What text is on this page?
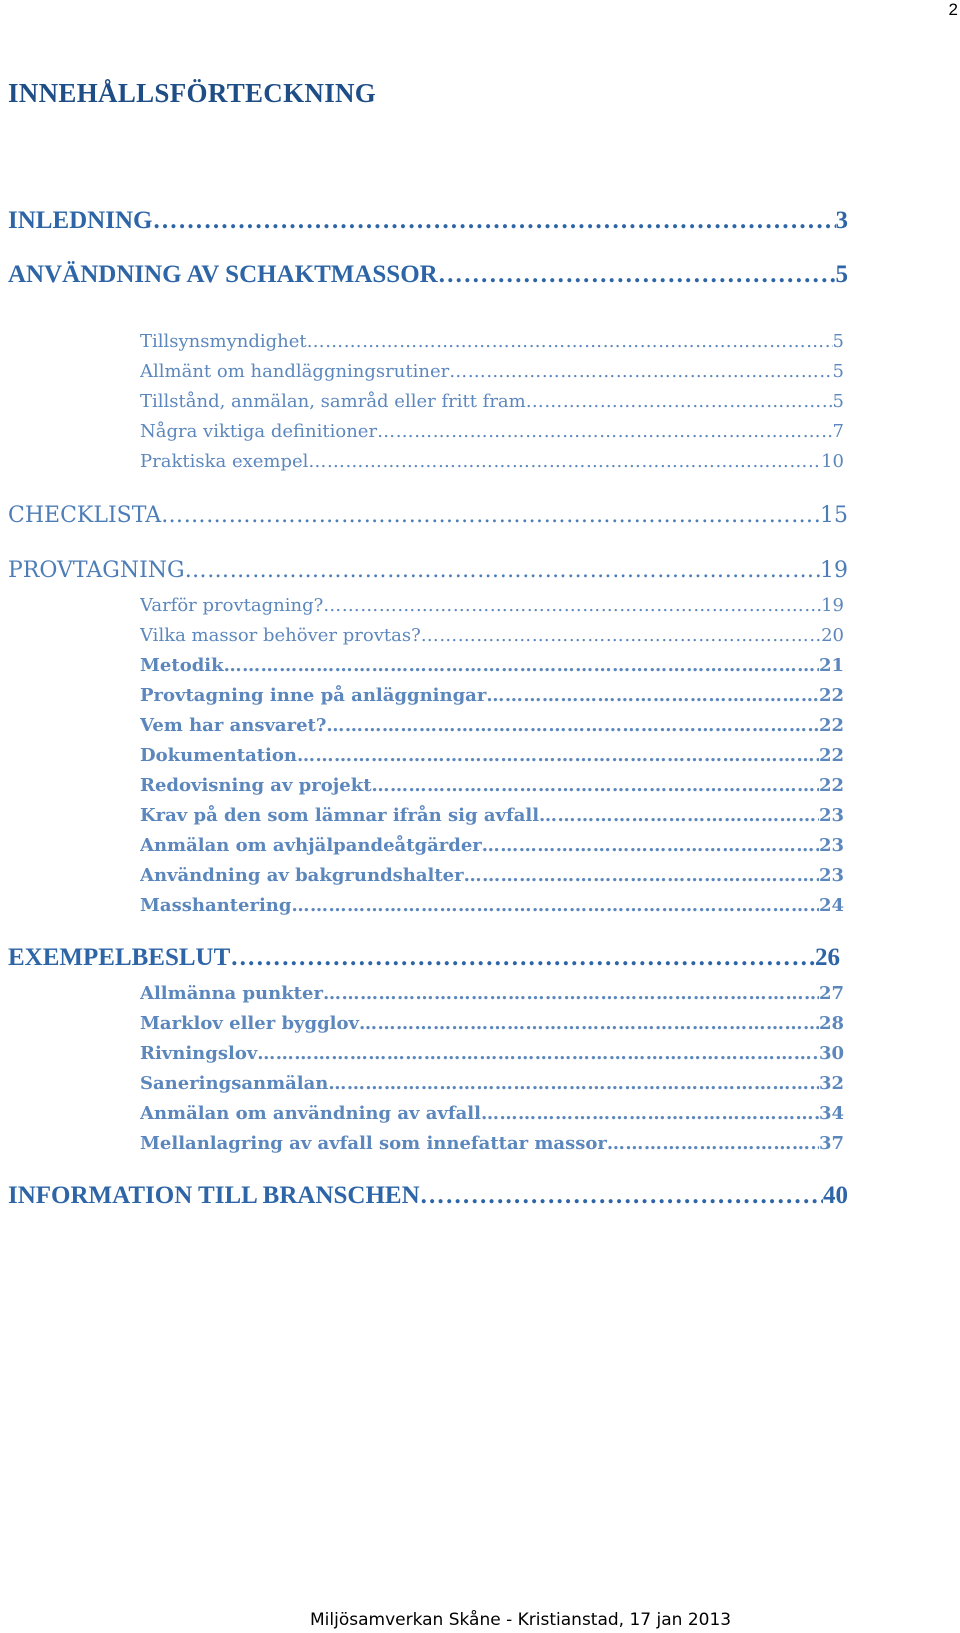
2
INNEHÅLLSFÖRTECKNING
INLEDNING ………………………………………………………………………………………………………………………………………………………………………………………	3
ANVÄNDNING AV SCHAKTMASSOR ………………………………………………………………………………………………………………………………………………………………………………………	5
Tillsynsmyndighet ………………………………………………………………………………………………………………………………………………………………………………………	5
Allmänt om handläggningsrutiner ………………………………………………………………………………………………………………………………………………………………………………………	5
Tillstånd, anmälan, samråd eller fritt fram ………………………………………………………………………………………………………………………………………………………………………………………	5
Några viktiga definitioner ………………………………………………………………………………………………………………………………………………………………………………………	7
Praktiska exempel ………………………………………………………………………………………………………………………………………………………………………………………	10
CHECKLISTA ………………………………………………………………………………………………………………………………………………………………………………………	15
PROVTAGNING ………………………………………………………………………………………………………………………………………………………………………………………	19
Varför provtagning? ………………………………………………………………………………………………………………………………………………………………………………………	19
Vilka massor behöver provtas? ………………………………………………………………………………………………………………………………………………………………………………………	20
Metodik ………………………………………………………………………………………………………………………………………………………………………………………	21
Provtagning inne på anläggningar ………………………………………………………………………………………………………………………………………………………………………………………	22
Vem har ansvaret? ………………………………………………………………………………………………………………………………………………………………………………………	22
Dokumentation ………………………………………………………………………………………………………………………………………………………………………………………	22
Redovisning av projekt ………………………………………………………………………………………………………………………………………………………………………………………	22
Krav på den som lämnar ifrån sig avfall ………………………………………………………………………………………………………………………………………………………………………………………	23
Anmälan om avhjälpandeåtgärder ………………………………………………………………………………………………………………………………………………………………………………………	23
Användning av bakgrundshalter ………………………………………………………………………………………………………………………………………………………………………………………	23
Masshantering ………………………………………………………………………………………………………………………………………………………………………………………	24
EXEMPELBESLUT ………………………………………………………………………………………………………………………………………………………………………………………	26
Allmänna punkter ………………………………………………………………………………………………………………………………………………………………………………………	27
Marklov eller bygglov ………………………………………………………………………………………………………………………………………………………………………………………	28
Rivningslov ………………………………………………………………………………………………………………………………………………………………………………………	30
Saneringsanmälan ………………………………………………………………………………………………………………………………………………………………………………………	32
Anmälan om användning av avfall ………………………………………………………………………………………………………………………………………………………………………………………	34
Mellanlagring av avfall som innefattar massor ………………………………………………………………………………………………………………………………………………………………………………………	37
INFORMATION TILL BRANSCHEN ………………………………………………………………………………………………………………………………………………………………………………………	40
Miljösamverkan Skåne - Kristianstad, 17 jan 2013
